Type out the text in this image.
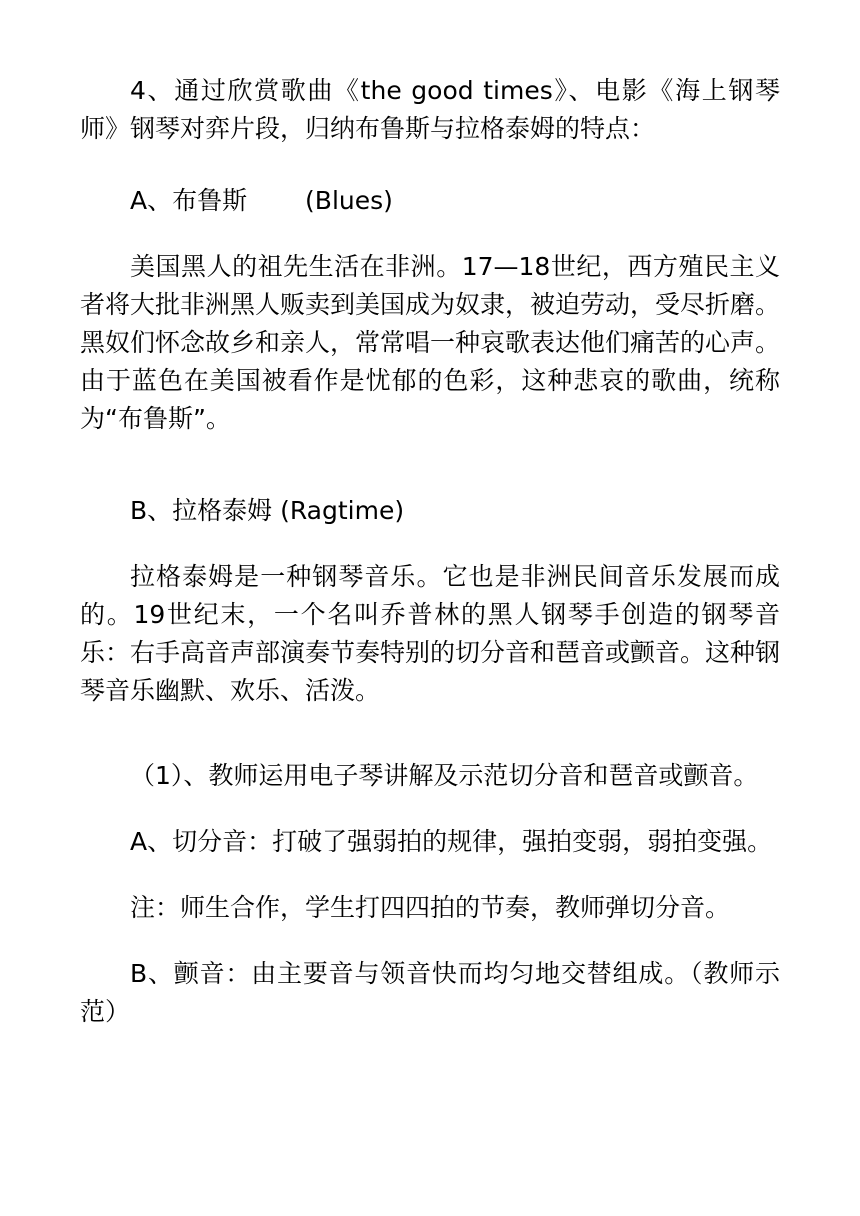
4、通过欣赏歌曲《the good times》、电影《海上钢琴师》钢琴对弈片段，归纳布鲁斯与拉格泰姆的特点：

A、布鲁斯　　 (Blues)

美国黑人的祖先生活在非洲。17—18世纪，西方殖民主义者将大批非洲黑人贩卖到美国成为奴隶，被迫劳动，受尽折磨。黑奴们怀念故乡和亲人，常常唱一种哀歌表达他们痛苦的心声。由于蓝色在美国被看作是忧郁的色彩，这种悲哀的歌曲，统称为“布鲁斯”。

B、拉格泰姆 (Ragtime)

拉格泰姆是一种钢琴音乐。它也是非洲民间音乐发展而成的。19世纪末，一个名叫乔普林的黑人钢琴手创造的钢琴音乐：右手高音声部演奏节奏特别的切分音和琶音或颤音。这种钢琴音乐幽默、欢乐、活泼。

（1）、教师运用电子琴讲解及示范切分音和琶音或颤音。

A、切分音：打破了强弱拍的规律，强拍变弱，弱拍变强。

注：师生合作，学生打四四拍的节奏，教师弹切分音。

B、颤音：由主要音与领音快而均匀地交替组成。（教师示范）
